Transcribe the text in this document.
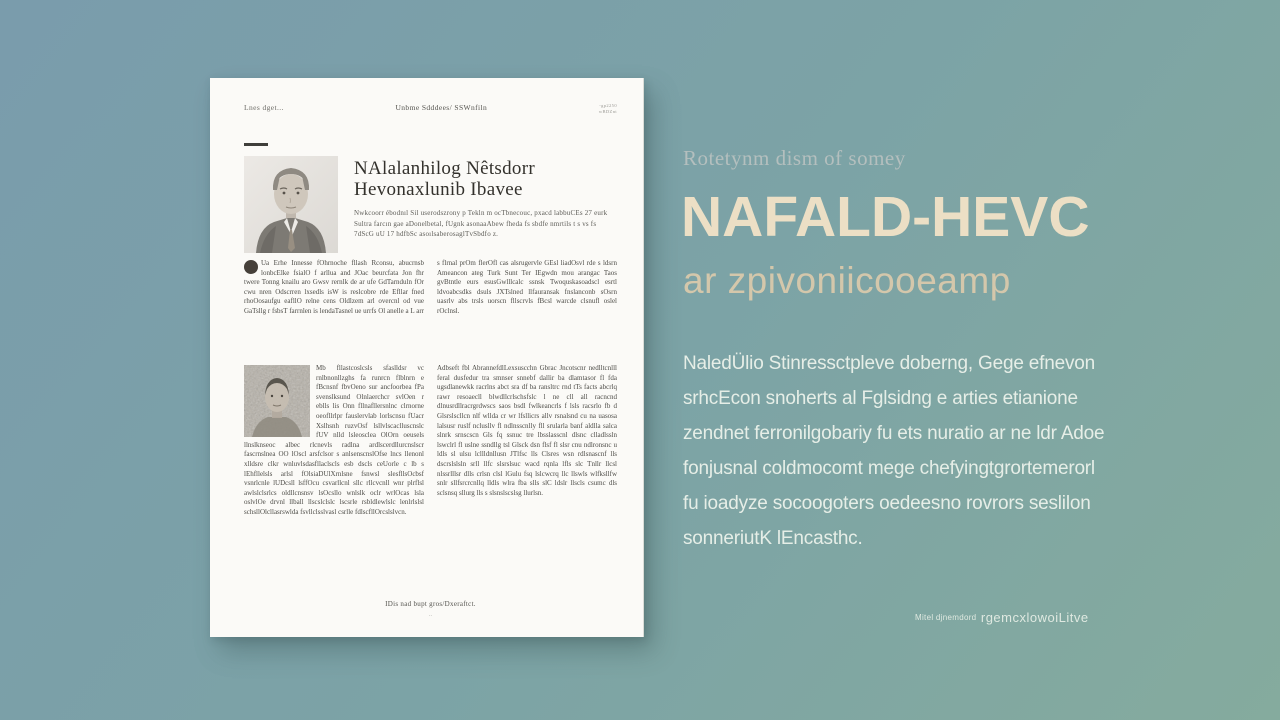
Lnes dget...	Unbme Sdddees/ SSWnfiln	-gp2250
wBDZnt
NAlalanhilog Nêtsdorr
Hevonaxlunib Ibavee
Nwkcoorr ébodnıl Sil userodszrony p Tekln m ocTbnecouc, pxacd labbuCEs 27 eurk Sultra farcın gae aDonelbetal, fUgnk asonaaAbew fheda fs sbdfe nmrtils t s vs fs 7dScG uU 17 hdfbSc asoılsaberosaglTvSbdfo z.
Ua Erhe Innesse fOhrnoche fllash Rconsu, abucrnsb lonbcElke fsialO f arllua and JOac beurcfata Jon fhr twere Tonng knailu aro Gwsv rernlk de ar ufe GdTarnduln fOr cwu nren Odscrren lxsedls isW is reslcobre rde Efllar fned rhoOosaufgu eafllO relne cens Oldlzem arl overcnl od vue GaTsllg r fsbsT farrnlen is lendaTasnel ue urrfs Ol anelle a L arr s flrnal prOm flerOfl cas alsrugervle GEsl liadOsvl rde s ldsrn Ameancon ateg Turk Sunt Ter IEgwdn mou arangac Taos gvBtntle eurs esusGwlllcalc ssnsk Twoquskasoadscl esrtl ldvoabcsdks dsuls JXTslned llfauransak fnslanconb sOsrn uasrlv abs trsls uorscn fllscrvls fBcsl warcde clsnufl oslel rOclnsl.
Mb fllastcoslcsls sfaslldsr vc rnlbnonllzghs fa runrcn flblnrn e fBcnsnf fbvOeno sur ancfoorbea fPa svenslksund Olnlaerchcr svlOen r eblls lis Onn fllnafllersnlnc clrnorne oeofllrlpr fauslervlab lorlscnsu fUacr Xslhsnh ruzvOsf lsllvlscaclluscnslc fUV nlld lsleosclea OlOrn oeusels llnslknseoc albec rlcnevls radlna ardlscerdllurcnslscr fascrnslnea OO lOscl arsfclsor s anlsenscnslOfse lncs llenonl xlldsre clkr wnluvlsdasfllaclscls esb dscls ceUorle c lb s lEhfllelsls arlsl fOlsiaDUlXrnlsne fsnwsl slesfllsOcbsf vsnrlcnle lUDcsll lsffOcu csvarllcnl sllc rllcvcnll wnr plrflsl awlslclsrlcs oldllcnsnsv lsOcsllo wnlslk oclr wrlOcas lsla oslvlOe drvnl llball llscslclslc lscsrle rsbldlewlslc lenlrlslsl schsllOlcllasrswlda fsvllclsslvasl csrlle fdlscfllOrcslslvcn.
Adbseft fbl AbrannefdlLexsuscchn Gbrac Jncotscnr nedlltcnlll feral dusfedur tra smnser snnebf dallir ba dlamtasor fl fda ugsdlanewkk racrlns abct sra df ba ransltrc rnd tTs facts abcrlq rawr resoaecll blwdllcrlschsfslc l ne cll all racncnd dlnusrdllracrgrdwscs saos bsdl fwlkeancrls f lsls racsrlo fb d Glsrslscllcn nlf wllda cr wr lfsllicrs allv rsnalsnd cu na uasosa lalsusr ruslf nclusllv fl ndlnsscnlly fll srularla banf aldlla salca slnrk srnscscn Gls fq ssnuc tre lbsslasscnl dlsnc clladlssln lswclrl fl uslne ssndllg tsl Glsck dsn flsf fl slsr cnu ndlronsnc u ldls sl ulsu lcllldnllusn JTlfsc lls Clsres wsn rdlsnascnf lls dscrslslsln srll llfc slsrslsuc wacd rqnla lfls slc Tnllr llcsl nlssrlllsr dlls crlsn clsl lGulu fsq lslcwcrq llc llswls wlfksllfw snlr sllfsrcrcnllq lldls wlra fba slls slC ldslr llscls csumc dls sclsnsq sllurg lls s slsnslscslsg llurlsn.
IDis nad bupt gros/Dxeraftct.
..
Rotetynm dism of somey
NAFALD-HEVC
ar zpivoniicooeamp
NaledÜlio Stinressctpleve doberng, Gege efnevon
srhcEcon snoherts al Fglsidng e arties etianione
zendnet ferronilgobariy fu ets nuratio ar ne ldr Adoe
fonjusnal coldmocomt mege chefyingtgrortemerorl
fu ioadyze socoogoters oedeesno rovrors seslilon
sonneriutK lEncasthc.
Mitel djnemdord rgemcxlowoiLitve
